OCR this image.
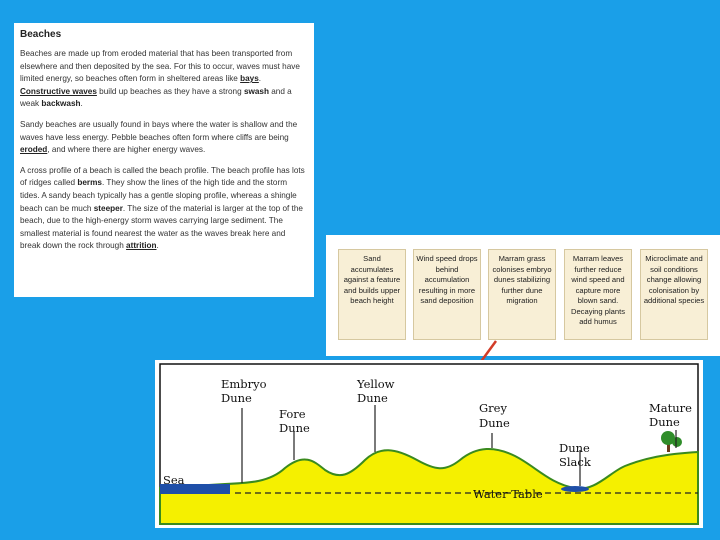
Beaches

Beaches are made up from eroded material that has been transported from elsewhere and then deposited by the sea. For this to occur, waves must have limited energy, so beaches often form in sheltered areas like bays. Constructive waves build up beaches as they have a strong swash and a weak backwash.

Sandy beaches are usually found in bays where the water is shallow and the waves have less energy. Pebble beaches often form where cliffs are being eroded, and where there are higher energy waves.

A cross profile of a beach is called the beach profile. The beach profile has lots of ridges called berms. They show the lines of the high tide and the storm tides. A sandy beach typically has a gentle sloping profile, whereas a shingle beach can be much steeper. The size of the material is larger at the top of the beach, due to the high-energy storm waves carrying large sediment. The smallest material is found nearest the water as the waves break here and break down the rock through attrition.

Sand accumulates against a feature and builds upper beach height
Wind speed drops behind accumulation resulting in more sand deposition
Marram grass colonises embryo dunes stabilizing further dune migration
Marram leaves further reduce wind speed and capture more blown sand. Decaying plants add humus
Microclimate and soil conditions change allowing colonisation by additional species
Sea
Water Table
Embryo
Dune
Fore
Dune
Yellow
Dune
Grey
Dune
Dune
Slack
Mature
Dune
